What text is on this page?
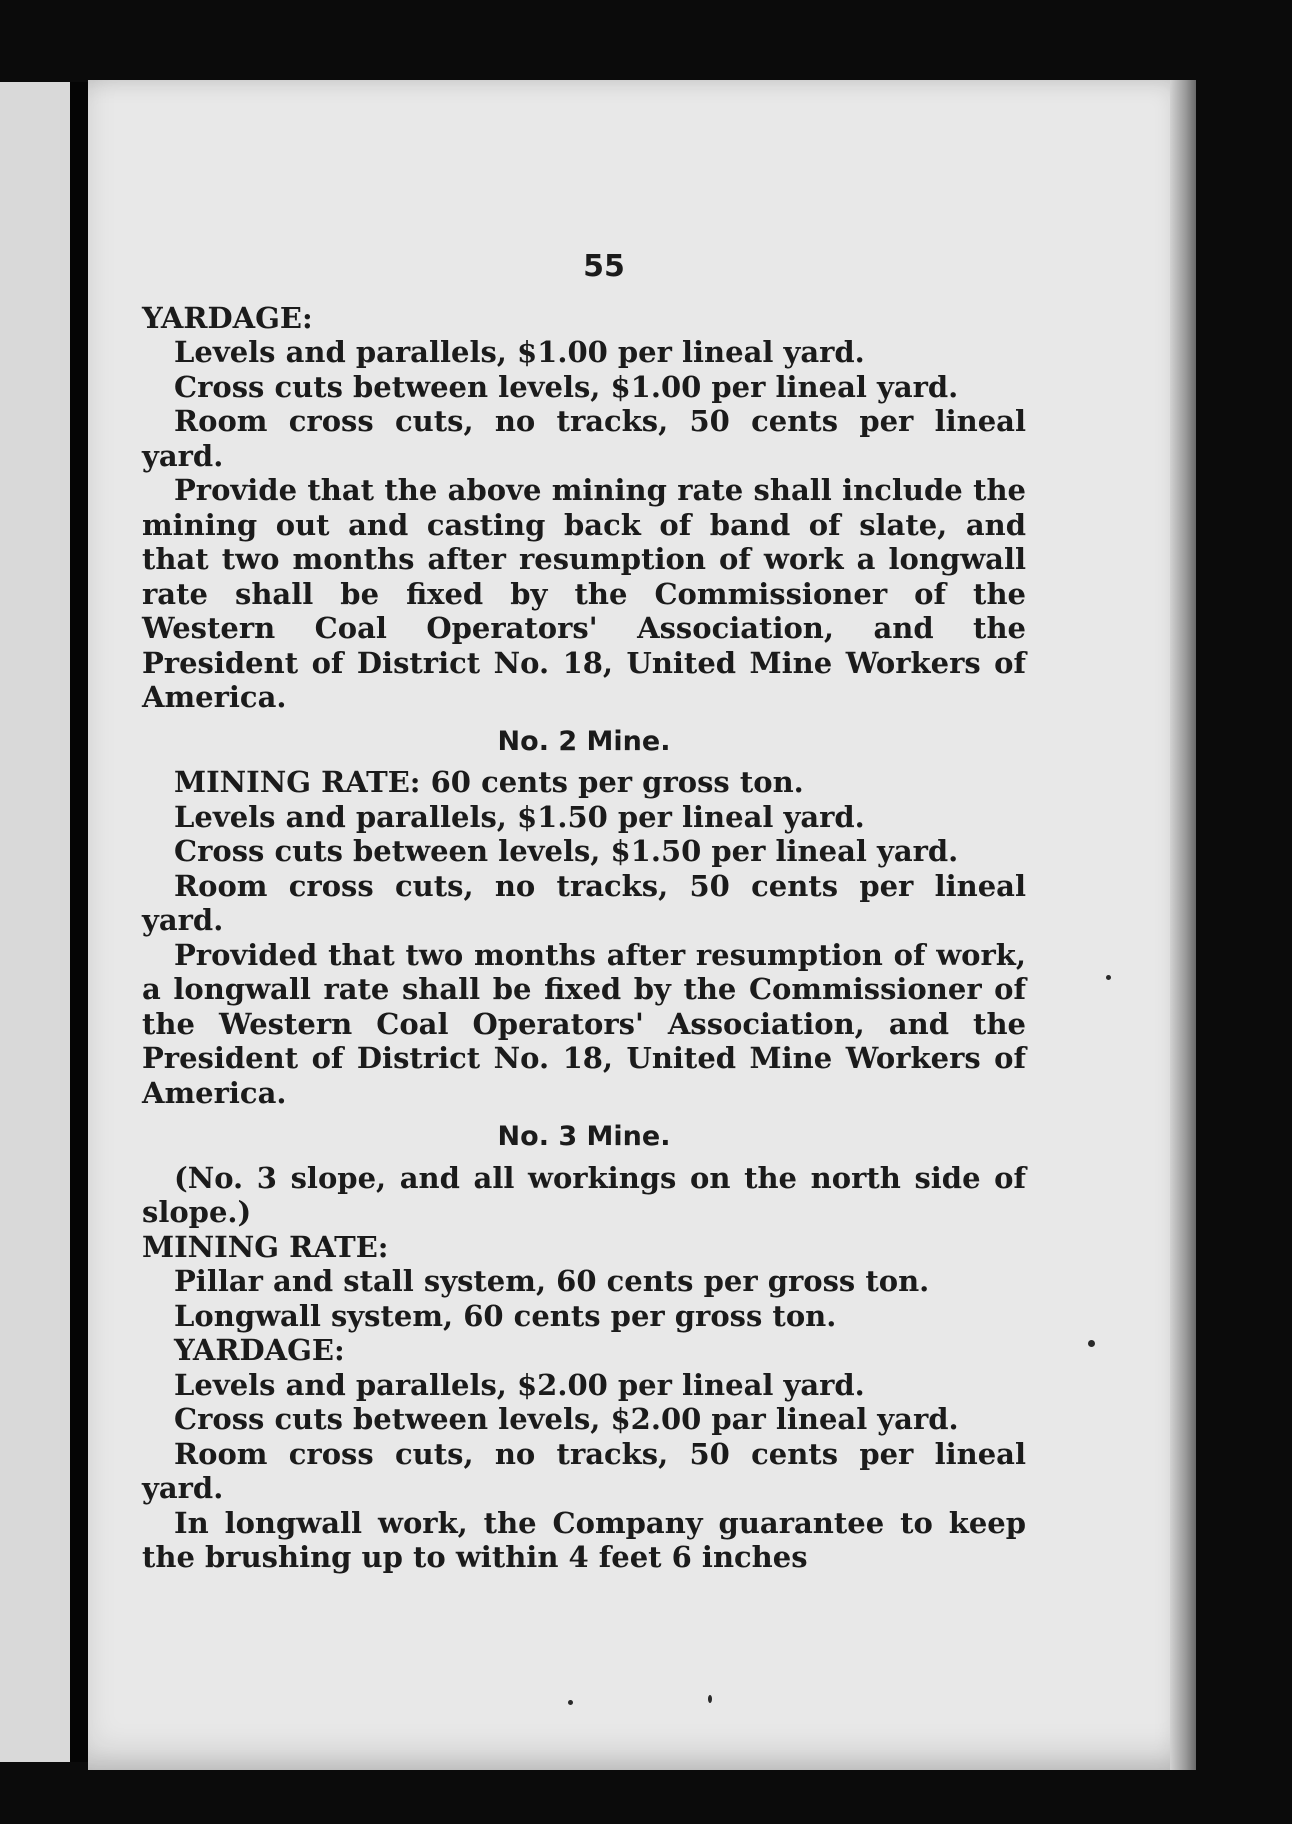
55

YARDAGE:

Levels and parallels, $1.00 per lineal yard.

Cross cuts between levels, $1.00 per lineal yard.

Room cross cuts, no tracks, 50 cents per lineal yard.

Provide that the above mining rate shall include the mining out and casting back of band of slate, and that two months after resumption of work a longwall rate shall be fixed by the Commissioner of the Western Coal Operators' Association, and the President of District No. 18, United Mine Workers of America.

No. 2 Mine.

MINING RATE: 60 cents per gross ton.

Levels and parallels, $1.50 per lineal yard.

Cross cuts between levels, $1.50 per lineal yard.

Room cross cuts, no tracks, 50 cents per lineal yard.

Provided that two months after resumption of work, a longwall rate shall be fixed by the Commissioner of the Western Coal Operators' Association, and the President of District No. 18, United Mine Workers of America.

No. 3 Mine.

(No. 3 slope, and all workings on the north side of slope.)

MINING RATE:

Pillar and stall system, 60 cents per gross ton.

Longwall system, 60 cents per gross ton.

YARDAGE:

Levels and parallels, $2.00 per lineal yard.

Cross cuts between levels, $2.00 par lineal yard.

Room cross cuts, no tracks, 50 cents per lineal yard.

In longwall work, the Company guarantee to keep the brushing up to within 4 feet 6 inches
